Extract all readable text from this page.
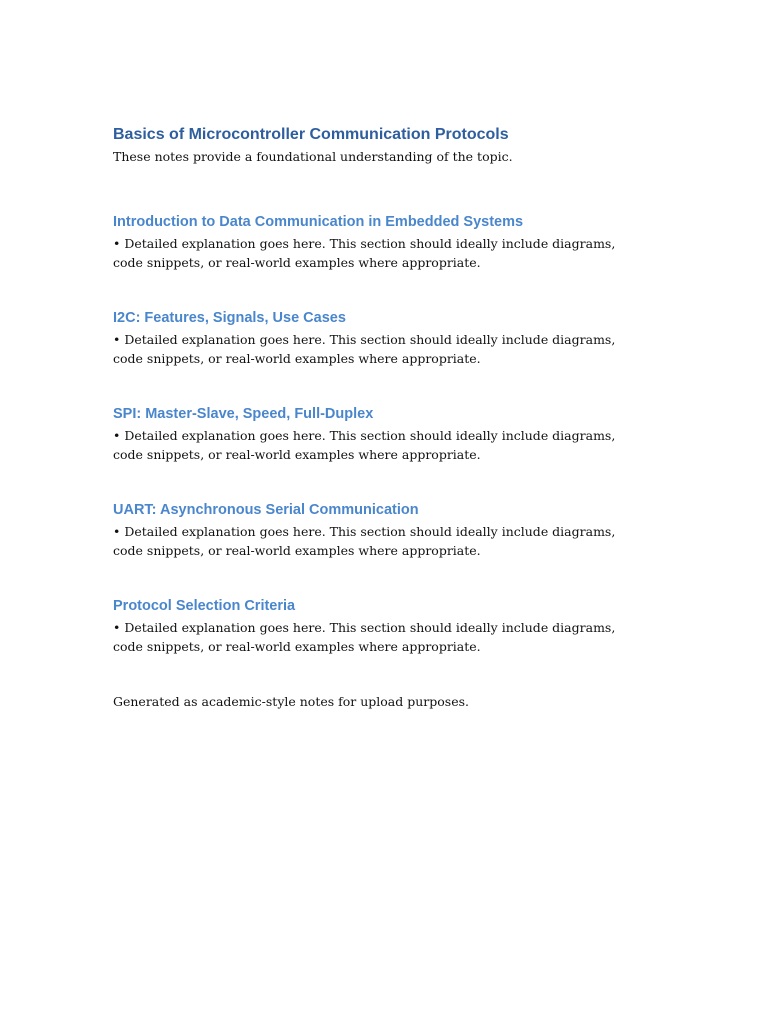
Basics of Microcontroller Communication Protocols

These notes provide a foundational understanding of the topic.

Introduction to Data Communication in Embedded Systems

• Detailed explanation goes here. This section should ideally include diagrams, code snippets, or real-world examples where appropriate.

I2C: Features, Signals, Use Cases

• Detailed explanation goes here. This section should ideally include diagrams, code snippets, or real-world examples where appropriate.

SPI: Master-Slave, Speed, Full-Duplex

• Detailed explanation goes here. This section should ideally include diagrams, code snippets, or real-world examples where appropriate.

UART: Asynchronous Serial Communication

• Detailed explanation goes here. This section should ideally include diagrams, code snippets, or real-world examples where appropriate.

Protocol Selection Criteria

• Detailed explanation goes here. This section should ideally include diagrams, code snippets, or real-world examples where appropriate.

Generated as academic-style notes for upload purposes.
